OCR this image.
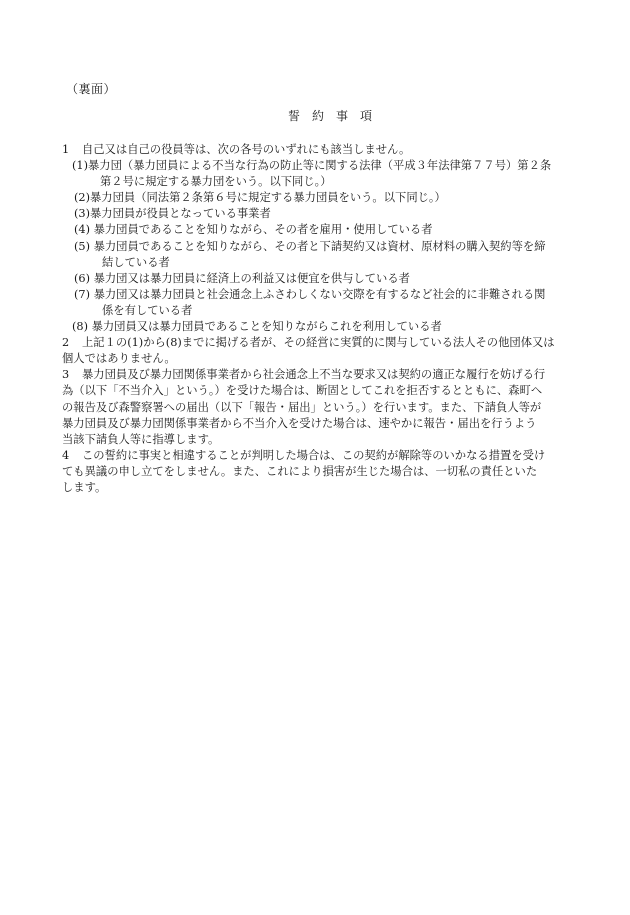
（裏面）
誓　約　事　項
1 自己又は自己の役員等は、次の各号のいずれにも該当しません。
(1)暴力団（暴力団員による不当な行為の防止等に関する法律（平成３年法律第７７号）第２条
第２号に規定する暴力団をいう。以下同じ。）
(2)暴力団員（同法第２条第６号に規定する暴力団員をいう。以下同じ。）
(3)暴力団員が役員となっている事業者
(4) 暴力団員であることを知りながら、その者を雇用・使用している者
(5) 暴力団員であることを知りながら、その者と下請契約又は資材、原材料の購入契約等を締
結している者
(6) 暴力団又は暴力団員に経済上の利益又は便宜を供与している者
(7) 暴力団又は暴力団員と社会通念上ふさわしくない交際を有するなど社会的に非難される関
係を有している者
(8) 暴力団員又は暴力団員であることを知りながらこれを利用している者
2 上記１の(1)から(8)までに掲げる者が、その経営に実質的に関与している法人その他団体又は
個人ではありません。
3 暴力団員及び暴力団関係事業者から社会通念上不当な要求又は契約の適正な履行を妨げる行
為（以下「不当介入」という。）を受けた場合は、断固としてこれを拒否するとともに、森町へ
の報告及び森警察署への届出（以下「報告・届出」という。）を行います。また、下請負人等が
暴力団員及び暴力団関係事業者から不当介入を受けた場合は、速やかに報告・届出を行うよう
当該下請負人等に指導します。
4 この誓約に事実と相違することが判明した場合は、この契約が解除等のいかなる措置を受け
ても異議の申し立てをしません。また、これにより損害が生じた場合は、一切私の責任といた
します。
